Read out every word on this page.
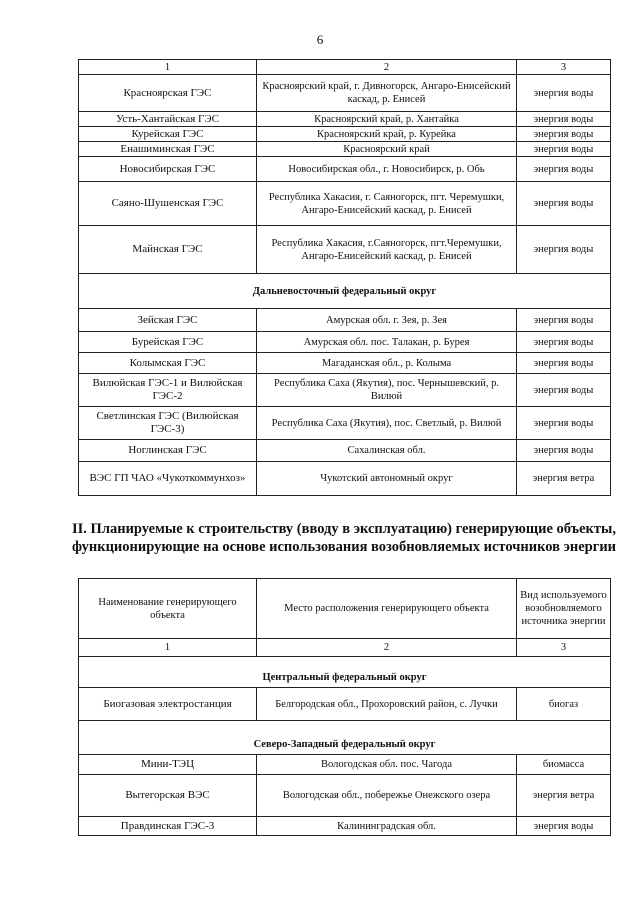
6
1	2	3
Красноярская ГЭС	Красноярский край, г. Дивногорск, Ангаро-Енисейский каскад, р. Енисей	энергия воды
Усть-Хантайская ГЭС	Красноярский край, р. Хантайка	энергия воды
Курейская ГЭС	Красноярский край, р. Курейка	энергия воды
Енашиминская ГЭС	Красноярский край	энергия воды
Новосибирская ГЭС	Новосибирская обл., г. Новосибирск, р. Обь	энергия воды
Саяно-Шушенская ГЭС	Республика Хакасия, г. Саяногорск, пгт. Черемушки, Ангаро-Енисейский каскад, р. Енисей	энергия воды
Майнская ГЭС	Республика Хакасия, г.Саяногорск, пгт.Черемушки, Ангаро-Енисейский каскад, р. Енисей	энергия воды
Дальневосточный федеральный округ		
Зейская ГЭС	Амурская обл. г. Зея, р. Зея	энергия воды
Бурейская ГЭС	Амурская обл. пос. Талакан, р. Бурея	энергия воды
Колымская ГЭС	Магаданская обл., р. Колыма	энергия воды
Вилюйская ГЭС-1 и Вилюйская ГЭС-2	Республика Саха (Якутия), пос. Чернышевский, р. Вилюй	энергия воды
Светлинская ГЭС (Вилюйская ГЭС-3)	Республика Саха (Якутия), пос. Светлый, р. Вилюй	энергия воды
Ноглинская ГЭС	Сахалинская обл.	энергия воды
ВЭС ГП ЧАО «Чукоткоммунхоз»	Чукотский автономный округ	энергия ветра
II. Планируемые к строительству (вводу в эксплуатацию) генерирующие объекты, функционирующие на основе использования возобновляемых источников энергии
Наименование генерирующего объекта	Место расположения генерирующего объекта	Вид используемого возобновляемого источника энергии
1	2	3
Центральный федеральный округ		
Биогазовая электростанция	Белгородская обл., Прохоровский район, с. Лучки	биогаз
Северо-Западный федеральный округ		
Мини-ТЭЦ	Вологодская обл. пос. Чагода	биомасса
Вытегорская ВЭС	Вологодская обл., побережье Онежского озера	энергия ветра
Правдинская ГЭС-3	Калининградская обл.	энергия воды
